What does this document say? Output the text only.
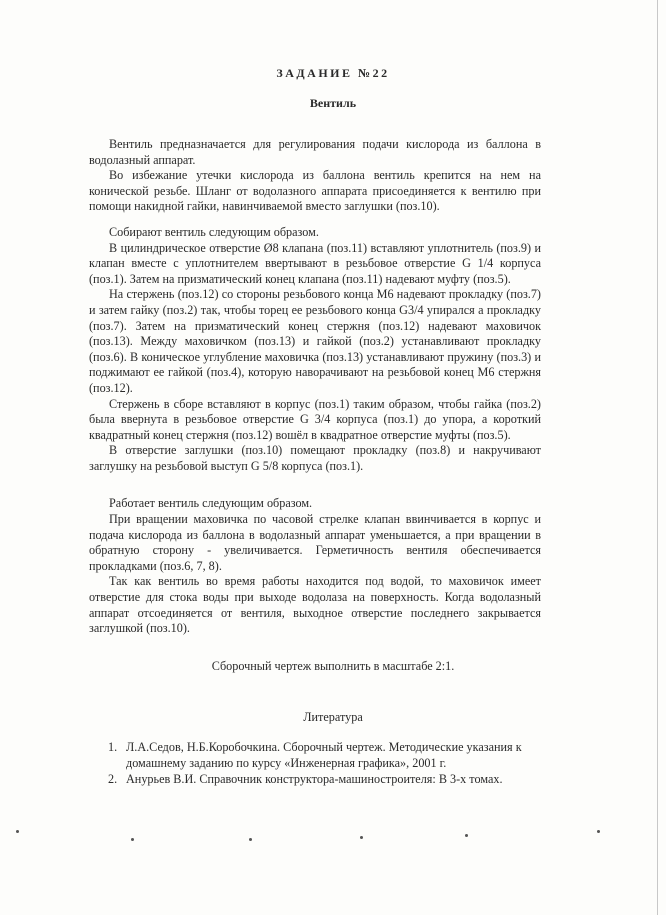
ЗАДАНИЕ №22
Вентиль

Вентиль предназначается для регулирования подачи кислорода из баллона в водолазный аппарат.

Во избежание утечки кислорода из баллона вентиль крепится на нем на конической резьбе. Шланг от водолазного аппарата присоединяется к вентилю при помощи накидной гайки, навинчиваемой вместо заглушки (поз.10).

Собирают вентиль следующим образом.

В цилиндрическое отверстие Ø8 клапана (поз.11) вставляют уплотнитель (поз.9) и клапан вместе с уплотнителем ввертывают в резьбовое отверстие G 1/4 корпуса (поз.1). Затем на призматический конец клапана (поз.11) надевают муфту (поз.5).

На стержень (поз.12) со стороны резьбового конца М6 надевают прокладку (поз.7) и затем гайку (поз.2) так, чтобы торец ее резьбового конца G3/4 упирался а прокладку (поз.7). Затем на призматический конец стержня (поз.12) надевают маховичок (поз.13). Между маховичком (поз.13) и гайкой (поз.2) устанавливают прокладку (поз.6). В коническое углубление маховичка (поз.13) устанавливают пружину (поз.3) и поджимают ее гайкой (поз.4), которую наворачивают на резьбовой конец М6 стержня (поз.12).

Стержень в сборе вставляют в корпус (поз.1) таким образом, чтобы гайка (поз.2) была ввернута в резьбовое отверстие G 3/4 корпуса (поз.1) до упора, а короткий квадратный конец стержня (поз.12) вошёл в квадратное отверстие муфты (поз.5).

В отверстие заглушки (поз.10) помещают прокладку (поз.8) и накручивают заглушку на резьбовой выступ G 5/8 корпуса (поз.1).

Работает вентиль следующим образом.

При вращении маховичка по часовой стрелке клапан ввинчивается в корпус и подача кислорода из баллона в водолазный аппарат уменьшается, а при вращении в обратную сторону - увеличивается. Герметичность вентиля обеспечивается прокладками (поз.6, 7, 8).

Так как вентиль во время работы находится под водой, то маховичок имеет отверстие для стока воды при выходе водолаза на поверхность. Когда водолазный аппарат отсоединяется от вентиля, выходное отверстие последнего закрывается заглушкой (поз.10).

Сборочный чертеж выполнить в масштабе 2:1.
Литература
1. Л.А.Седов, Н.Б.Коробочкина. Сборочный чертеж. Методические указания к домашнему заданию по курсу «Инженерная графика», 2001 г.
2. Анурьев В.И. Справочник конструктора-машиностроителя: В 3-х томах.
